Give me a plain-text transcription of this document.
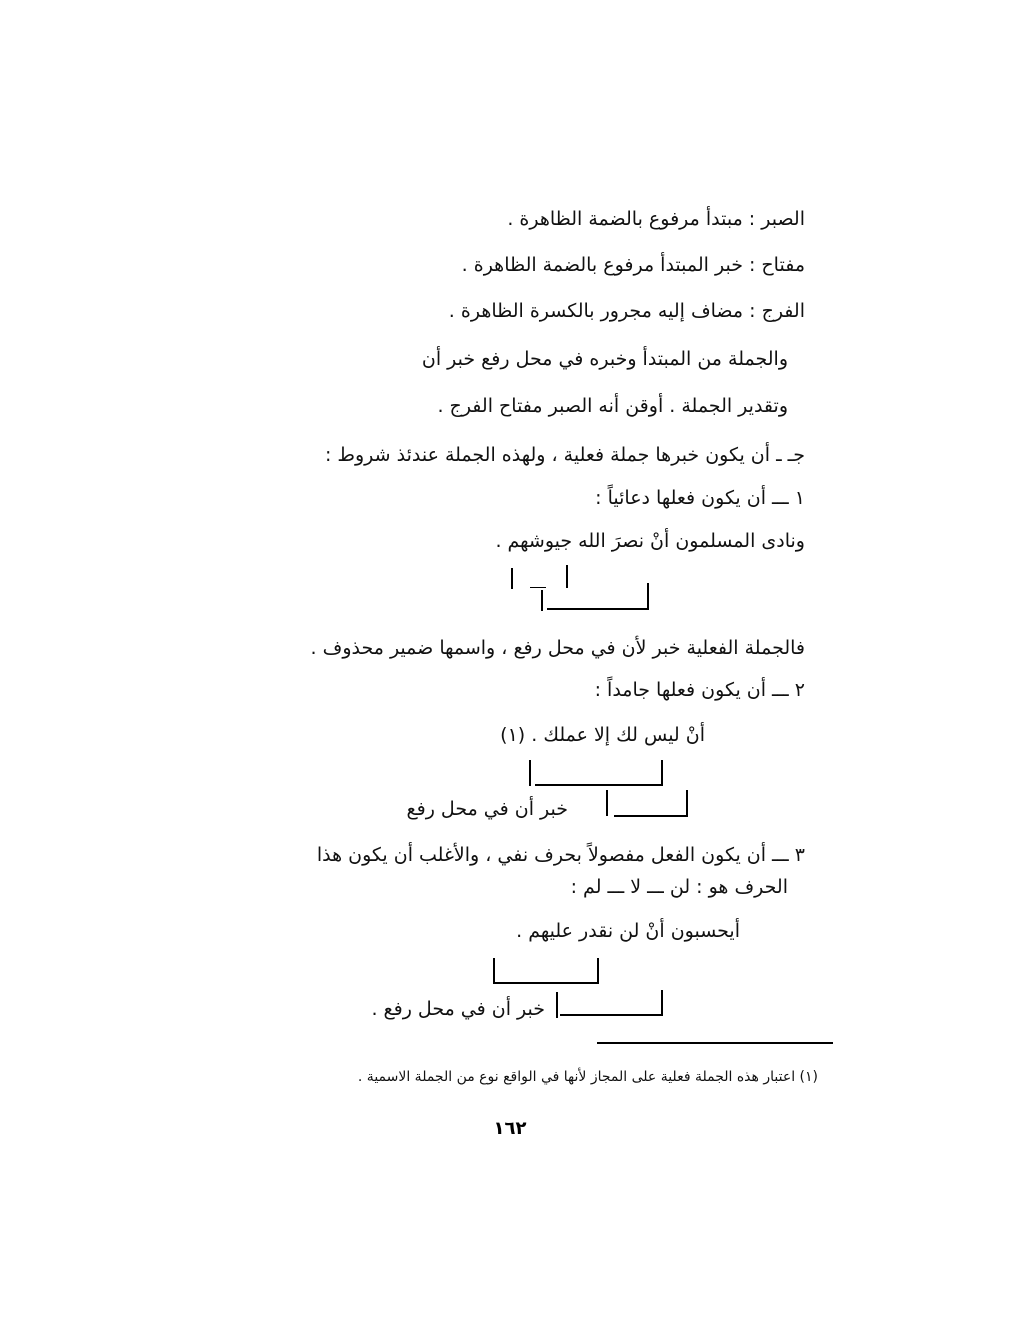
الصبر : مبتدأ مرفوع بالضمة الظاهرة .
مفتاح : خبر المبتدأ مرفوع بالضمة الظاهرة .
الفرج : مضاف إليه مجرور بالكسرة الظاهرة .
والجملة من المبتدأ وخبره في محل رفع خبر أن
وتقدير الجملة . أوقن أنه الصبر مفتاح الفرج .
جـ ـ أن يكون خبرها جملة فعلية ، ولهذه الجملة عندئذ شروط :
١ ـــ أن يكون فعلها دعائياً :
ونادى المسلمون أنْ نصرَ الله جيوشهم .
فالجملة الفعلية خبر لأن في محل رفع ، واسمها ضمير محذوف .
٢ ـــ أن يكون فعلها جامداً :
أنْ ليس لك إلا عملك . (١)
خبر أن في محل رفع
٣ ـــ أن يكون الفعل مفصولاً بحرف نفي ، والأغلب أن يكون هذا
الحرف هو : لن ـــ لا ـــ لم :
أيحسبون أنْ لن نقدر عليهم .
خبر أن في محل رفع .
(١) اعتبار هذه الجملة فعلية على المجاز لأنها في الواقع نوع من الجملة الاسمية .
١٦٢
